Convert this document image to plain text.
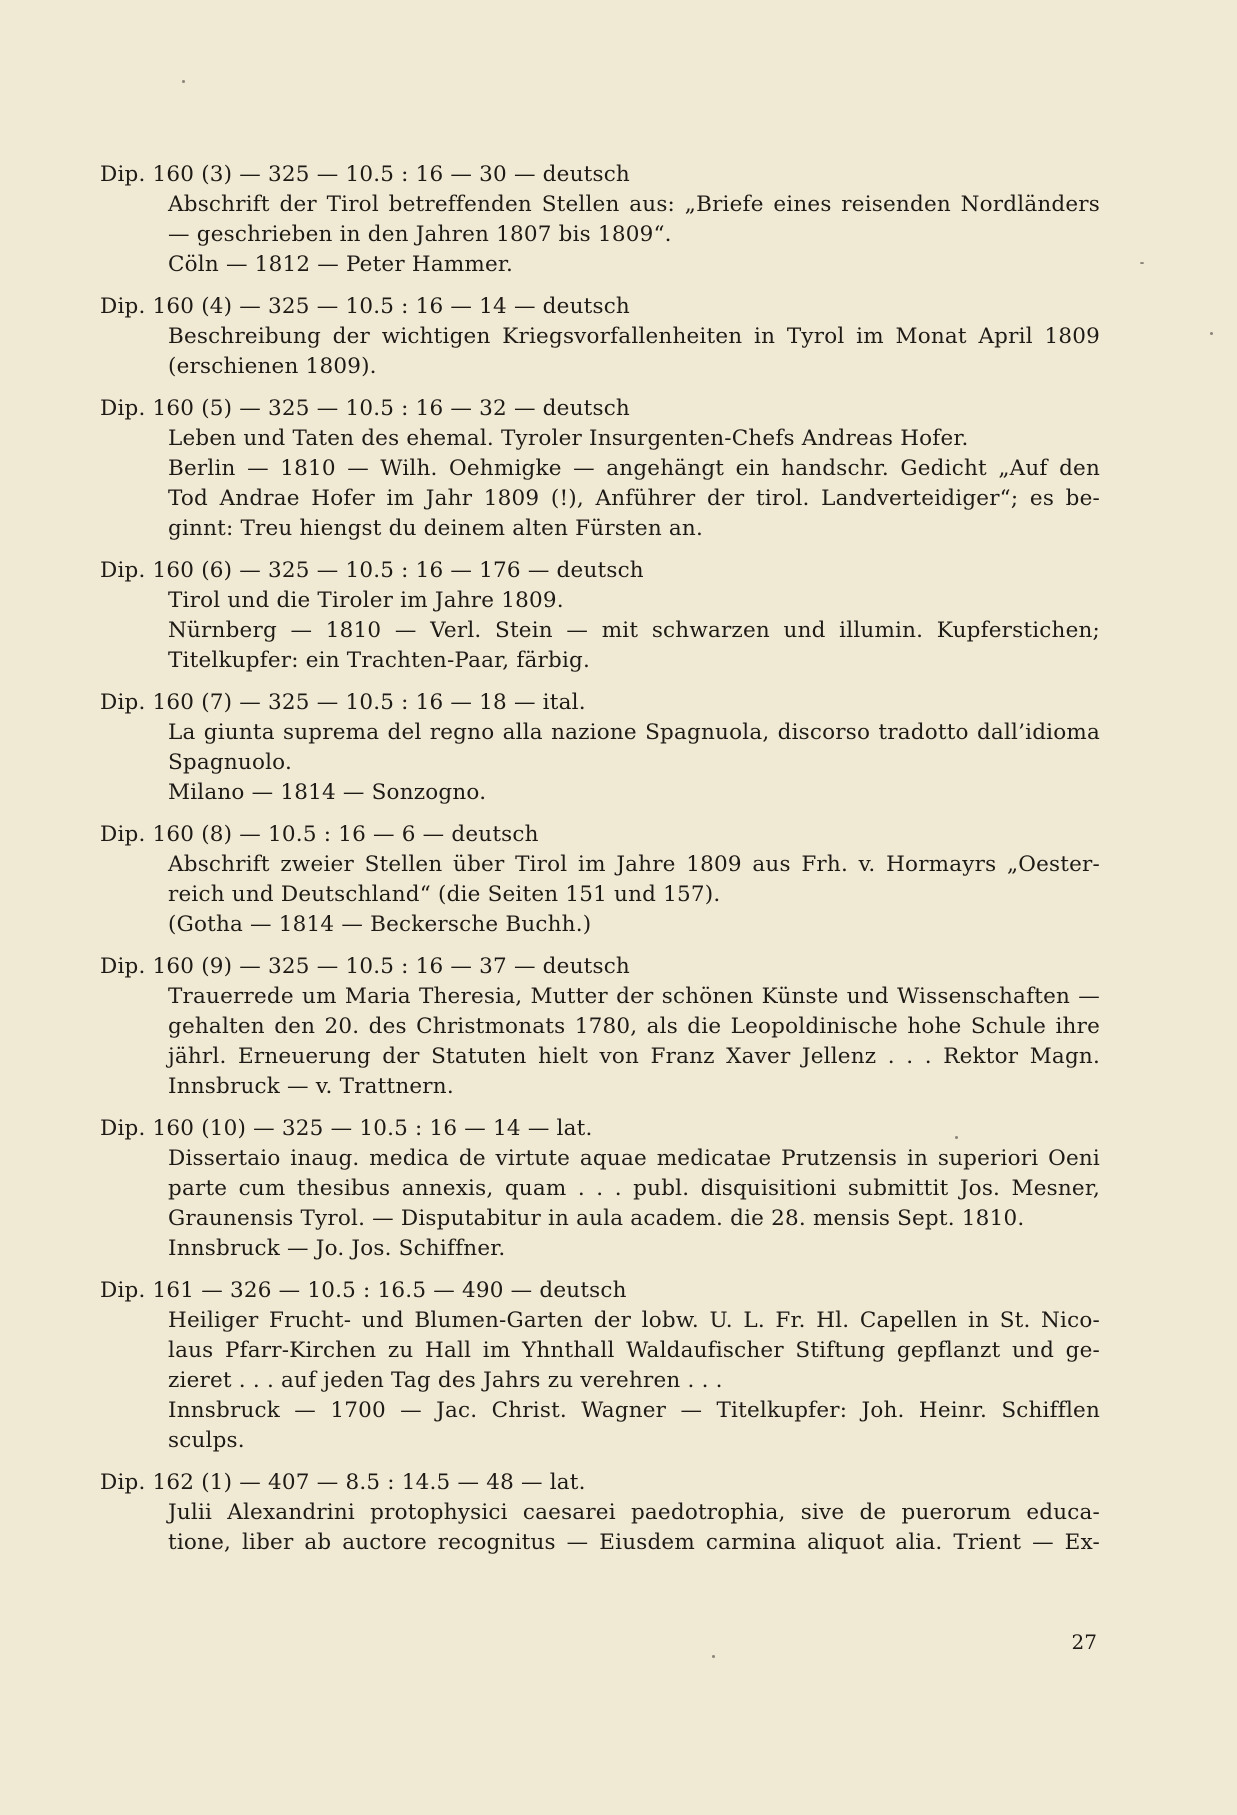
Dip. 160 (3) — 325 — 10.5 : 16 — 30 — deutsch
Abschrift der Tirol betreffenden Stellen aus: „Briefe eines reisenden Nordländers
— geschrieben in den Jahren 1807 bis 1809“.
Cöln — 1812 — Peter Hammer.
Dip. 160 (4) — 325 — 10.5 : 16 — 14 — deutsch
Beschreibung der wichtigen Kriegsvorfallenheiten in Tyrol im Monat April 1809
(erschienen 1809).
Dip. 160 (5) — 325 — 10.5 : 16 — 32 — deutsch
Leben und Taten des ehemal. Tyroler Insurgenten-Chefs Andreas Hofer.
Berlin — 1810 — Wilh. Oehmigke — angehängt ein handschr. Gedicht „Auf den
Tod Andrae Hofer im Jahr 1809 (!), Anführer der tirol. Landverteidiger“; es be-
ginnt: Treu hiengst du deinem alten Fürsten an.
Dip. 160 (6) — 325 — 10.5 : 16 — 176 — deutsch
Tirol und die Tiroler im Jahre 1809.
Nürnberg — 1810 — Verl. Stein — mit schwarzen und illumin. Kupferstichen;
Titelkupfer: ein Trachten-Paar, färbig.
Dip. 160 (7) — 325 — 10.5 : 16 — 18 — ital.
La giunta suprema del regno alla nazione Spagnuola, discorso tradotto dall’idioma
Spagnuolo.
Milano — 1814 — Sonzogno.
Dip. 160 (8) — 10.5 : 16 — 6 — deutsch
Abschrift zweier Stellen über Tirol im Jahre 1809 aus Frh. v. Hormayrs „Oester-
reich und Deutschland“ (die Seiten 151 und 157).
(Gotha — 1814 — Beckersche Buchh.)
Dip. 160 (9) — 325 — 10.5 : 16 — 37 — deutsch
Trauerrede um Maria Theresia, Mutter der schönen Künste und Wissenschaften —
gehalten den 20. des Christmonats 1780, als die Leopoldinische hohe Schule ihre
jährl. Erneuerung der Statuten hielt von Franz Xaver Jellenz . . . Rektor Magn.
Innsbruck — v. Trattnern.
Dip. 160 (10) — 325 — 10.5 : 16 — 14 — lat.
Dissertaio inaug. medica de virtute aquae medicatae Prutzensis in superiori Oeni
parte cum thesibus annexis, quam . . . publ. disquisitioni submittit Jos. Mesner,
Graunensis Tyrol. — Disputabitur in aula academ. die 28. mensis Sept. 1810.
Innsbruck — Jo. Jos. Schiffner.
Dip. 161 — 326 — 10.5 : 16.5 — 490 — deutsch
Heiliger Frucht- und Blumen-Garten der lobw. U. L. Fr. Hl. Capellen in St. Nico-
laus Pfarr-Kirchen zu Hall im Yhnthall Waldaufischer Stiftung gepflanzt und ge-
zieret . . . auf jeden Tag des Jahrs zu verehren . . .
Innsbruck — 1700 — Jac. Christ. Wagner — Titelkupfer: Joh. Heinr. Schifflen
sculps.
Dip. 162 (1) — 407 — 8.5 : 14.5 — 48 — lat.
Julii Alexandrini protophysici caesarei paedotrophia, sive de puerorum educa-
tione, liber ab auctore recognitus — Eiusdem carmina aliquot alia. Trient — Ex-
27
